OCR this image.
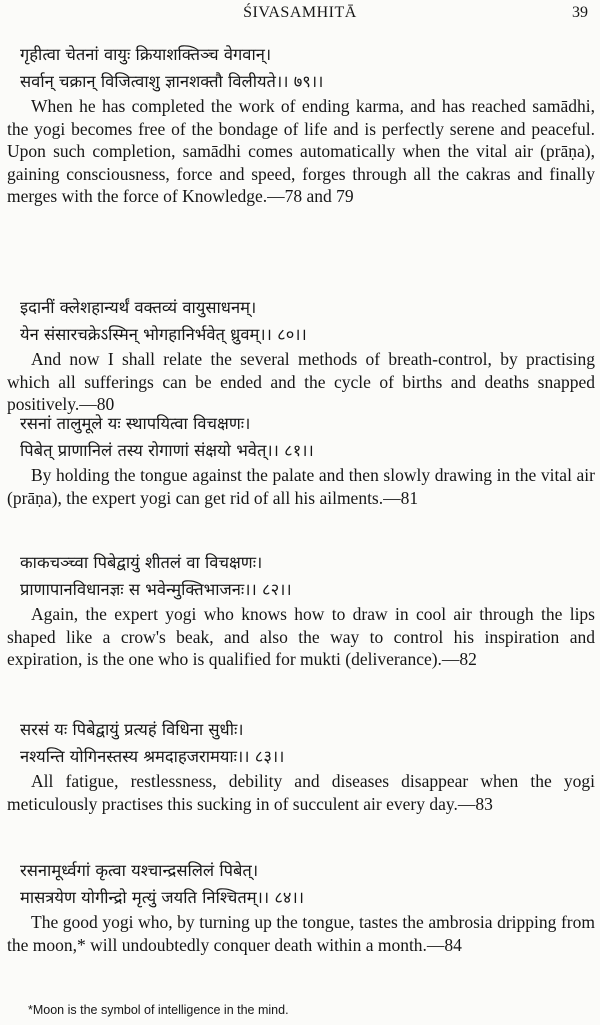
ŚIVASAMHITĀ	39

गृहीत्वा चेतनां वायुः क्रियाशक्तिञ्च वेगवान्।

सर्वान् चक्रान् विजित्वाशु ज्ञानशक्तौ विलीयते।। ७९।।

When he has completed the work of ending karma, and has reached samādhi, the yogi becomes free of the bondage of life and is perfectly serene and peaceful. Upon such completion, samādhi comes automatically when the vital air (prāṇa), gaining consciousness, force and speed, forges through all the cakras and finally merges with the force of Knowledge.—78 and 79

इदानीं क्लेशहान्यर्थं वक्तव्यं वायुसाधनम्।

येन संसारचक्रेऽस्मिन् भोगहानिर्भवेत् ध्रुवम्।। ८०।।

And now I shall relate the several methods of breath-control, by practising which all sufferings can be ended and the cycle of births and deaths snapped positively.—80

रसनां तालुमूले यः स्थापयित्वा विचक्षणः।

पिबेत् प्राणानिलं तस्य रोगाणां संक्षयो भवेत्।। ८१।।

By holding the tongue against the palate and then slowly drawing in the vital air (prāṇa), the expert yogi can get rid of all his ailments.—81

काकचञ्च्वा पिबेद्वायुं शीतलं वा विचक्षणः।

प्राणापानविधानज्ञः स भवेन्मुक्तिभाजनः।। ८२।।

Again, the expert yogi who knows how to draw in cool air through the lips shaped like a crow's beak, and also the way to control his inspiration and expiration, is the one who is qualified for mukti (deliverance).—82

सरसं यः पिबेद्वायुं प्रत्यहं विधिना सुधीः।

नश्यन्ति योगिनस्तस्य श्रमदाहजरामयाः।। ८३।।

All fatigue, restlessness, debility and diseases disappear when the yogi meticulously practises this sucking in of succulent air every day.—83

रसनामूर्ध्वगां कृत्वा यश्चान्द्रसलिलं पिबेत्।

मासत्रयेण योगीन्द्रो मृत्युं जयति निश्चितम्।। ८४।।

The good yogi who, by turning up the tongue, tastes the ambrosia dripping from the moon,* will undoubtedly conquer death within a month.—84

*Moon is the symbol of intelligence in the mind.
